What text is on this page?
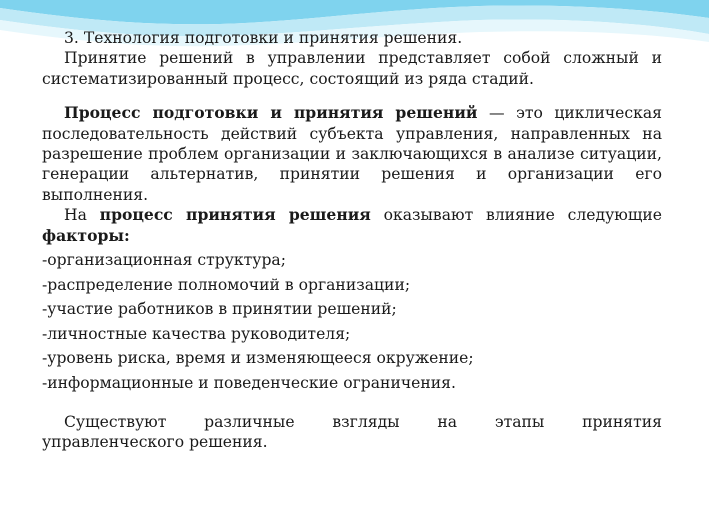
3. Технология подготовки и принятия решения.

Принятие решений в управлении представляет собой сложный и систематизированный процесс, состоящий из ряда стадий.

Процесс подготовки и принятия решений — это циклическая последовательность действий субъекта управления, направленных на разрешение проблем организации и заключающихся в анализе ситуации, генерации альтернатив, принятии решения и организации его выполнения.

На процесс принятия решения оказывают влияние следующие факторы:

-организационная структура;

-распределение полномочий в организации;

-участие работников в принятии решений;

-личностные качества руководителя;

-уровень риска, время и изменяющееся окружение;

-информационные и поведенческие ограничения.

Существуют различные взгляды на этапы принятия

управленческого решения.
